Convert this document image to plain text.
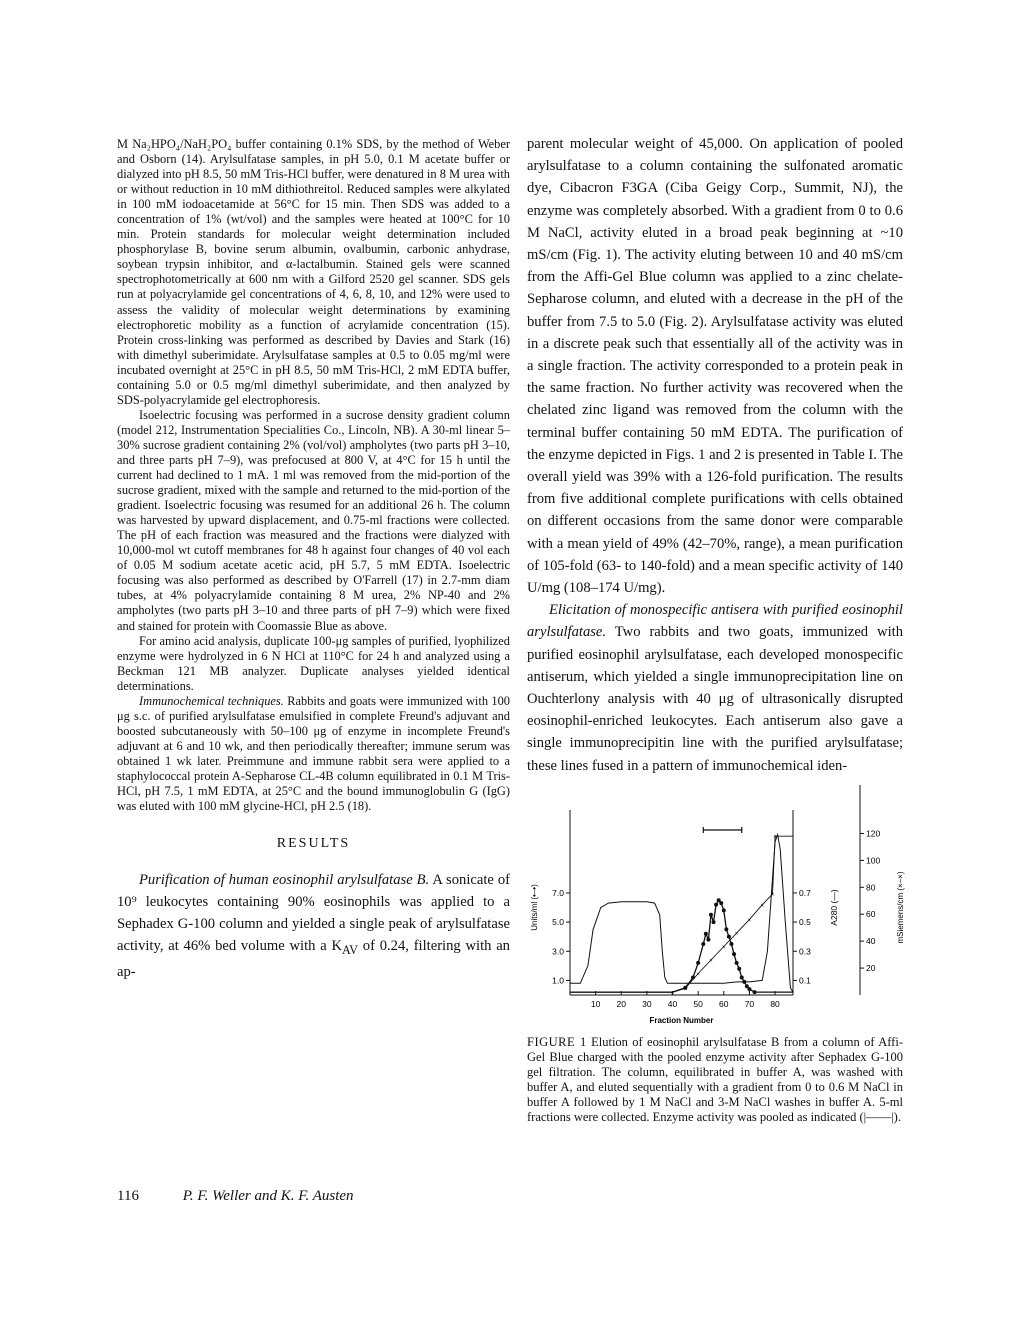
M Na₂HPO₄/NaH₂PO₄ buffer containing 0.1% SDS, by the method of Weber and Osborn (14). Arylsulfatase samples, in pH 5.0, 0.1 M acetate buffer or dialyzed into pH 8.5, 50 mM Tris-HCl buffer, were denatured in 8 M urea with or without reduction in 10 mM dithiothreitol. Reduced samples were alkylated in 100 mM iodoacetamide at 56°C for 15 min. Then SDS was added to a concentration of 1% (wt/vol) and the samples were heated at 100°C for 10 min. Protein standards for molecular weight determination included phosphorylase B, bovine serum albumin, ovalbumin, carbonic anhydrase, soybean trypsin inhibitor, and α-lactalbumin. Stained gels were scanned spectrophotometrically at 600 nm with a Gilford 2520 gel scanner. SDS gels run at polyacrylamide gel concentrations of 4, 6, 8, 10, and 12% were used to assess the validity of molecular weight determinations by examining electrophoretic mobility as a function of acrylamide concentration (15). Protein cross-linking was performed as described by Davies and Stark (16) with dimethyl suberimidate. Arylsulfatase samples at 0.5 to 0.05 mg/ml were incubated overnight at 25°C in pH 8.5, 50 mM Tris-HCl, 2 mM EDTA buffer, containing 5.0 or 0.5 mg/ml dimethyl suberimidate, and then analyzed by SDS-polyacrylamide gel electrophoresis.

Isoelectric focusing was performed in a sucrose density gradient column (model 212, Instrumentation Specialities Co., Lincoln, NB). A 30-ml linear 5–30% sucrose gradient containing 2% (vol/vol) ampholytes (two parts pH 3–10, and three parts pH 7–9), was prefocused at 800 V, at 4°C for 15 h until the current had declined to 1 mA. 1 ml was removed from the mid-portion of the sucrose gradient, mixed with the sample and returned to the mid-portion of the gradient. Isoelectric focusing was resumed for an additional 26 h. The column was harvested by upward displacement, and 0.75-ml fractions were collected. The pH of each fraction was measured and the fractions were dialyzed with 10,000-mol wt cutoff membranes for 48 h against four changes of 40 vol each of 0.05 M sodium acetate acetic acid, pH 5.7, 5 mM EDTA. Isoelectric focusing was also performed as described by O'Farrell (17) in 2.7-mm diam tubes, at 4% polyacrylamide containing 8 M urea, 2% NP-40 and 2% ampholytes (two parts pH 3–10 and three parts of pH 7–9) which were fixed and stained for protein with Coomassie Blue as above.

For amino acid analysis, duplicate 100-μg samples of purified, lyophilized enzyme were hydrolyzed in 6 N HCl at 110°C for 24 h and analyzed using a Beckman 121 MB analyzer. Duplicate analyses yielded identical determinations.

Immunochemical techniques. Rabbits and goats were immunized with 100 μg s.c. of purified arylsulfatase emulsified in complete Freund's adjuvant and boosted subcutaneously with 50–100 μg of enzyme in incomplete Freund's adjuvant at 6 and 10 wk, and then periodically thereafter; immune serum was obtained 1 wk later. Preimmune and immune rabbit sera were applied to a staphylococcal protein A-Sepharose CL-4B column equilibrated in 0.1 M Tris-HCl, pH 7.5, 1 mM EDTA, at 25°C and the bound immunoglobulin G (IgG) was eluted with 100 mM glycine-HCl, pH 2.5 (18).

RESULTS

Purification of human eosinophil arylsulfatase B. A sonicate of 10⁹ leukocytes containing 90% eosinophils was applied to a Sephadex G-100 column and yielded a single peak of arylsulfatase activity, at 46% bed volume with a $K_{AV}$ of 0.24, filtering with an ap-

parent molecular weight of 45,000. On application of pooled arylsulfatase to a column containing the sulfonated aromatic dye, Cibacron F3GA (Ciba Geigy Corp., Summit, NJ), the enzyme was completely absorbed. With a gradient from 0 to 0.6 M NaCl, activity eluted in a broad peak beginning at ~10 mS/cm (Fig. 1). The activity eluting between 10 and 40 mS/cm from the Affi-Gel Blue column was applied to a zinc chelate-Sepharose column, and eluted with a decrease in the pH of the buffer from 7.5 to 5.0 (Fig. 2). Arylsulfatase activity was eluted in a discrete peak such that essentially all of the activity was in a single fraction. The activity corresponded to a protein peak in the same fraction. No further activity was recovered when the chelated zinc ligand was removed from the column with the terminal buffer containing 50 mM EDTA. The purification of the enzyme depicted in Figs. 1 and 2 is presented in Table I. The overall yield was 39% with a 126-fold purification. The results from five additional complete purifications with cells obtained on different occasions from the same donor were comparable with a mean yield of 49% (42–70%, range), a mean purification of 105-fold (63- to 140-fold) and a mean specific activity of 140 U/mg (108–174 U/mg).

Elicitation of monospecific antisera with purified eosinophil arylsulfatase. Two rabbits and two goats, immunized with purified eosinophil arylsulfatase, each developed monospecific antiserum, which yielded a single immunoprecipitation line on Ouchterlony analysis with 40 μg of ultrasonically disrupted eosinophil-enriched leukocytes. Each antiserum also gave a single immunoprecipitin line with the purified arylsulfatase; these lines fused in a pattern of immunochemical iden-

10 20 30 40 50 60 70 80
Fraction Number
1.0
3.0
5.0
7.0
Units/ml (•–•)
0.1
0.3
0.5
0.7 A280 (—)
20
40
60
80
100
120
mSiemens/cm (×–×)
×
×
×
×
×
×
×
×
×
×
FIGURE 1 Elution of eosinophil arylsulfatase B from a column of Affi-Gel Blue charged with the pooled enzyme activity after Sephadex G-100 gel filtration. The column, equilibrated in buffer A, was washed with buffer A, and eluted sequentially with a gradient from 0 to 0.6 M NaCl in buffer A followed by 1 M NaCl and 3-M NaCl washes in buffer A. 5-ml fractions were collected. Enzyme activity was pooled as indicated (|——|).
116	P. F. Weller and K. F. Austen
